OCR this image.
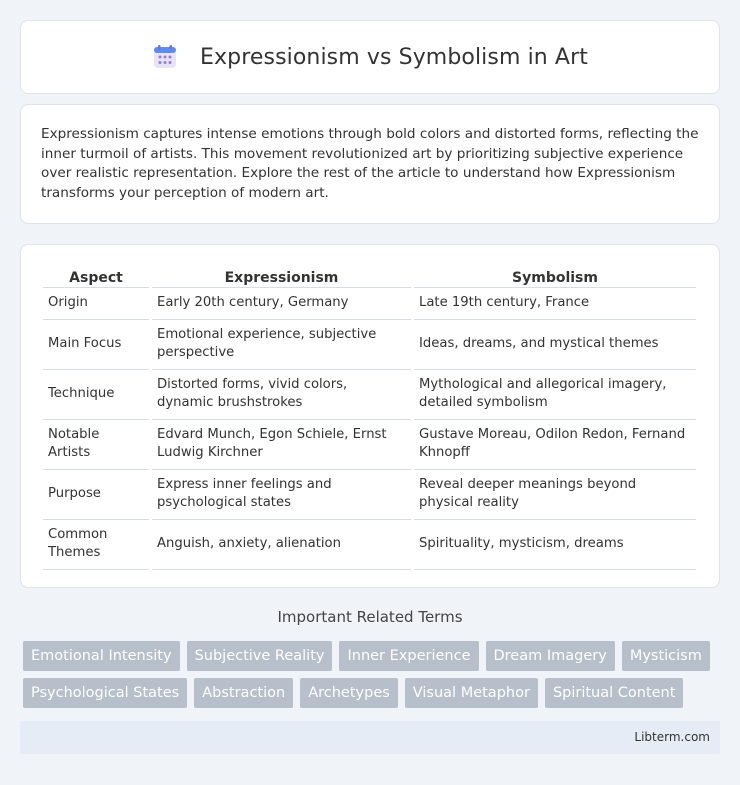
Expressionism vs Symbolism in Art

Expressionism captures intense emotions through bold colors and distorted forms, reflecting the inner turmoil of artists. This movement revolutionized art by prioritizing subjective experience over realistic representation. Explore the rest of the article to understand how Expressionism transforms your perception of modern art.

Aspect	Expressionism	Symbolism
Origin	Early 20th century, Germany	Late 19th century, France
Main Focus	Emotional experience, subjective perspective	Ideas, dreams, and mystical themes
Technique	Distorted forms, vivid colors, dynamic brushstrokes	Mythological and allegorical imagery, detailed symbolism
Notable Artists	Edvard Munch, Egon Schiele, Ernst Ludwig Kirchner	Gustave Moreau, Odilon Redon, Fernand Khnopff
Purpose	Express inner feelings and psychological states	Reveal deeper meanings beyond physical reality
Common Themes	Anguish, anxiety, alienation	Spirituality, mysticism, dreams
Important Related Terms
Emotional Intensity	Subjective Reality	Inner Experience	Dream Imagery	Mysticism
Psychological States	Abstraction	Archetypes	Visual Metaphor	Spiritual Content
Libterm.com
